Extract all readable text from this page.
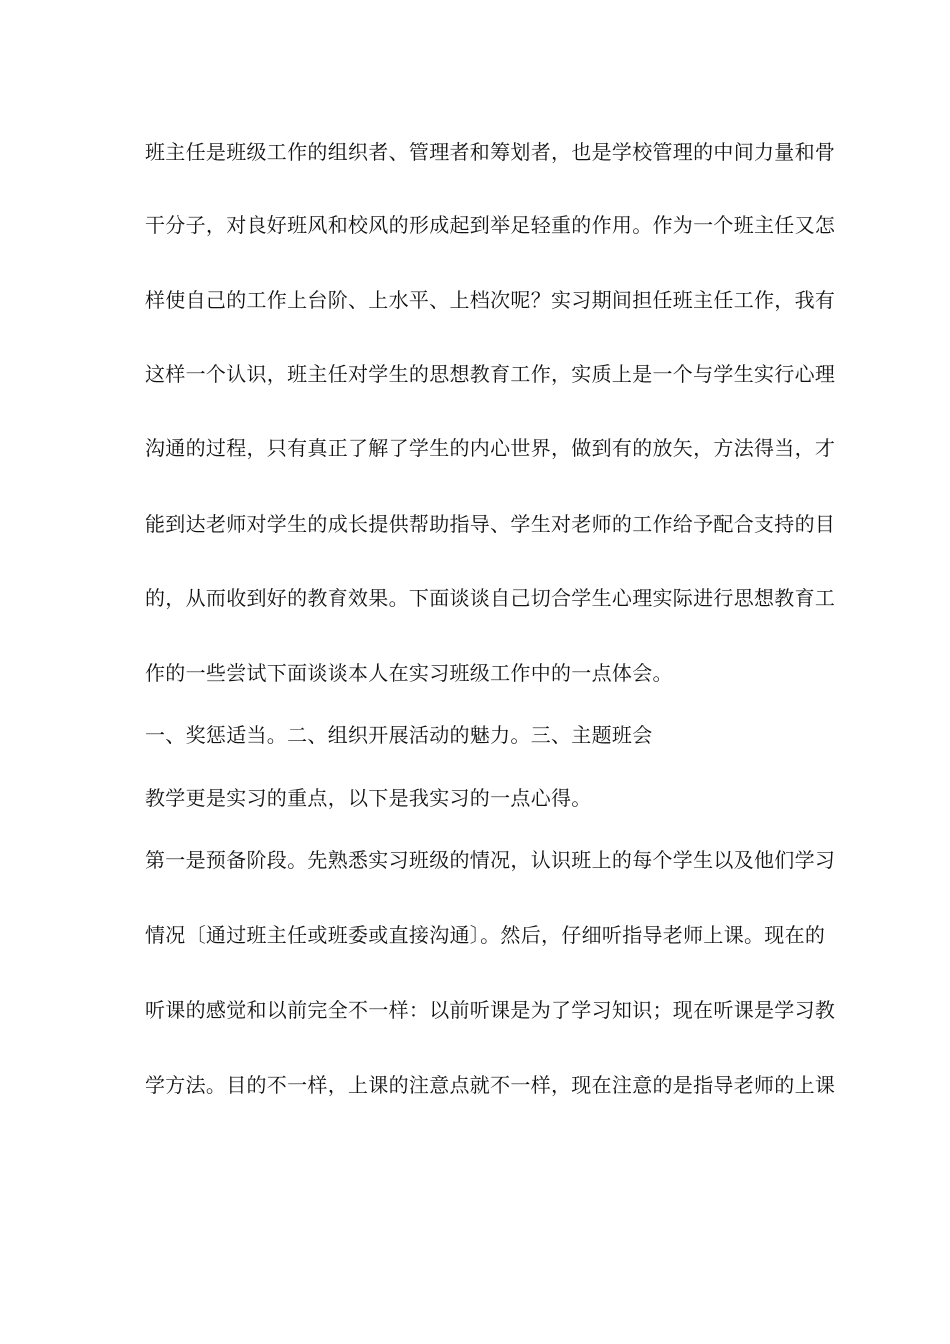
班主任是班级工作的组织者、管理者和筹划者，也是学校管理的中间力量和骨
干分子，对良好班风和校风的形成起到举足轻重的作用。作为一个班主任又怎
样使自己的工作上台阶、上水平、上档次呢？实习期间担任班主任工作，我有
这样一个认识，班主任对学生的思想教育工作，实质上是一个与学生实行心理
沟通的过程，只有真正了解了学生的内心世界，做到有的放矢，方法得当，才
能到达老师对学生的成长提供帮助指导、学生对老师的工作给予配合支持的目
的，从而收到好的教育效果。下面谈谈自己切合学生心理实际进行思想教育工
作的一些尝试下面谈谈本人在实习班级工作中的一点体会。
一、奖惩适当。二、组织开展活动的魅力。三、主题班会
教学更是实习的重点，以下是我实习的一点心得。
第一是预备阶段。先熟悉实习班级的情况，认识班上的每个学生以及他们学习
情况〔通过班主任或班委或直接沟通〕。然后，仔细听指导老师上课。现在的
听课的感觉和以前完全不一样：以前听课是为了学习知识；现在听课是学习教
学方法。目的不一样，上课的注意点就不一样，现在注意的是指导老师的上课
